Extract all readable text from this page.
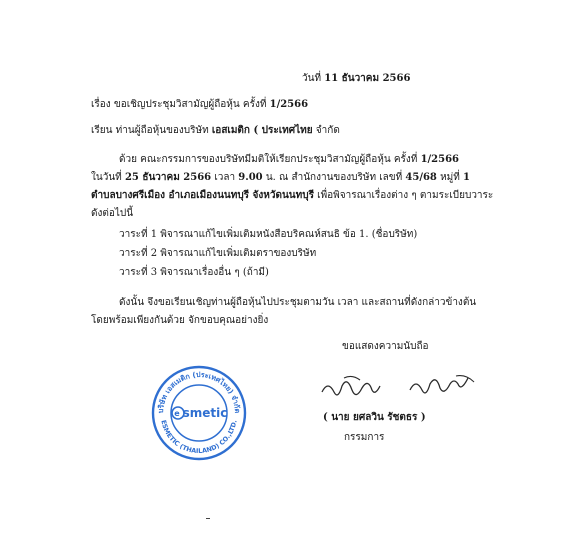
วันที่ 11 ธันวาคม 2566
เรื่อง ขอเชิญประชุมวิสามัญผู้ถือหุ้น ครั้งที่ 1/2566
เรียน ท่านผู้ถือหุ้นของบริษัท เอสเมติก ( ประเทศไทย จำกัด
ด้วย คณะกรรมการของบริษัทมีมติให้เรียกประชุมวิสามัญผู้ถือหุ้น ครั้งที่ 1/2566
ในวันที่ 25 ธันวาคม 2566 เวลา 9.00 น. ณ สำนักงานของบริษัท เลขที่ 45/68 หมู่ที่ 1
ตำบลบางศรีเมือง อำเภอเมืองนนทบุรี จังหวัดนนทบุรี เพื่อพิจารณาเรื่องต่าง ๆ ตามระเบียบวาระ
ดังต่อไปนี้
วาระที่ 1 พิจารณาแก้ไขเพิ่มเติมหนังสือบริคณห์สนธิ ข้อ 1. (ชื่อบริษัท)
วาระที่ 2 พิจารณาแก้ไขเพิ่มเติมตราของบริษัท
วาระที่ 3 พิจารณาเรื่องอื่น ๆ (ถ้ามี)
ดังนั้น จึงขอเรียนเชิญท่านผู้ถือหุ้นไปประชุมตามวัน เวลา และสถานที่ดังกล่าวข้างต้น
โดยพร้อมเพียงกันด้วย จักขอบคุณอย่างยิ่ง
ขอแสดงความนับถือ
( นาย ยศลวิน รัชตธร )
กรรมการ
บริษัท เอสเมติก (ประเทศไทย) จำกัด
ESMETIC (THAILAND) CO.,LTD.
e smetic
